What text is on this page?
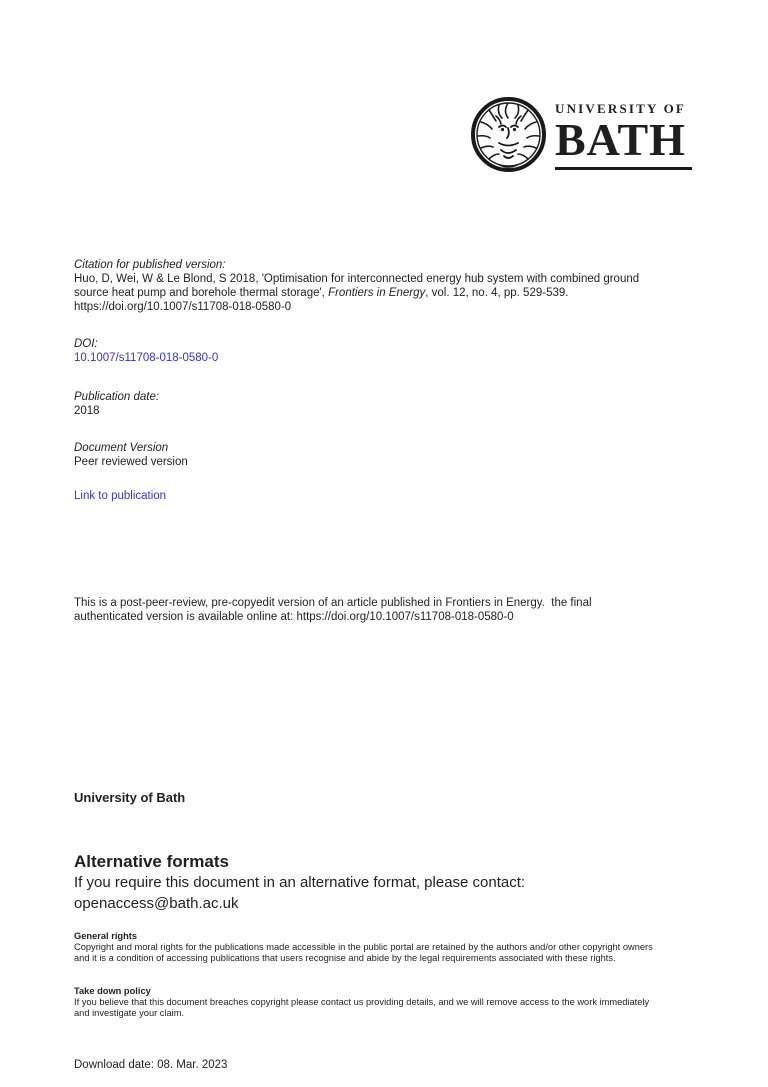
UNIVERSITY OF
BATH
Citation for published version:
Huo, D, Wei, W & Le Blond, S 2018, 'Optimisation for interconnected energy hub system with combined ground
source heat pump and borehole thermal storage', Frontiers in Energy, vol. 12, no. 4, pp. 529-539.
https://doi.org/10.1007/s11708-018-0580-0
DOI:
10.1007/s11708-018-0580-0
Publication date:
2018
Document Version
Peer reviewed version
Link to publication
This is a post-peer-review, pre-copyedit version of an article published in Frontiers in Energy.  the final
authenticated version is available online at: https://doi.org/10.1007/s11708-018-0580-0
University of Bath
Alternative formats
If you require this document in an alternative format, please contact:
openaccess@bath.ac.uk
General rights
Copyright and moral rights for the publications made accessible in the public portal are retained by the authors and/or other copyright owners
and it is a condition of accessing publications that users recognise and abide by the legal requirements associated with these rights.
Take down policy
If you believe that this document breaches copyright please contact us providing details, and we will remove access to the work immediately
and investigate your claim.
Download date: 08. Mar. 2023
